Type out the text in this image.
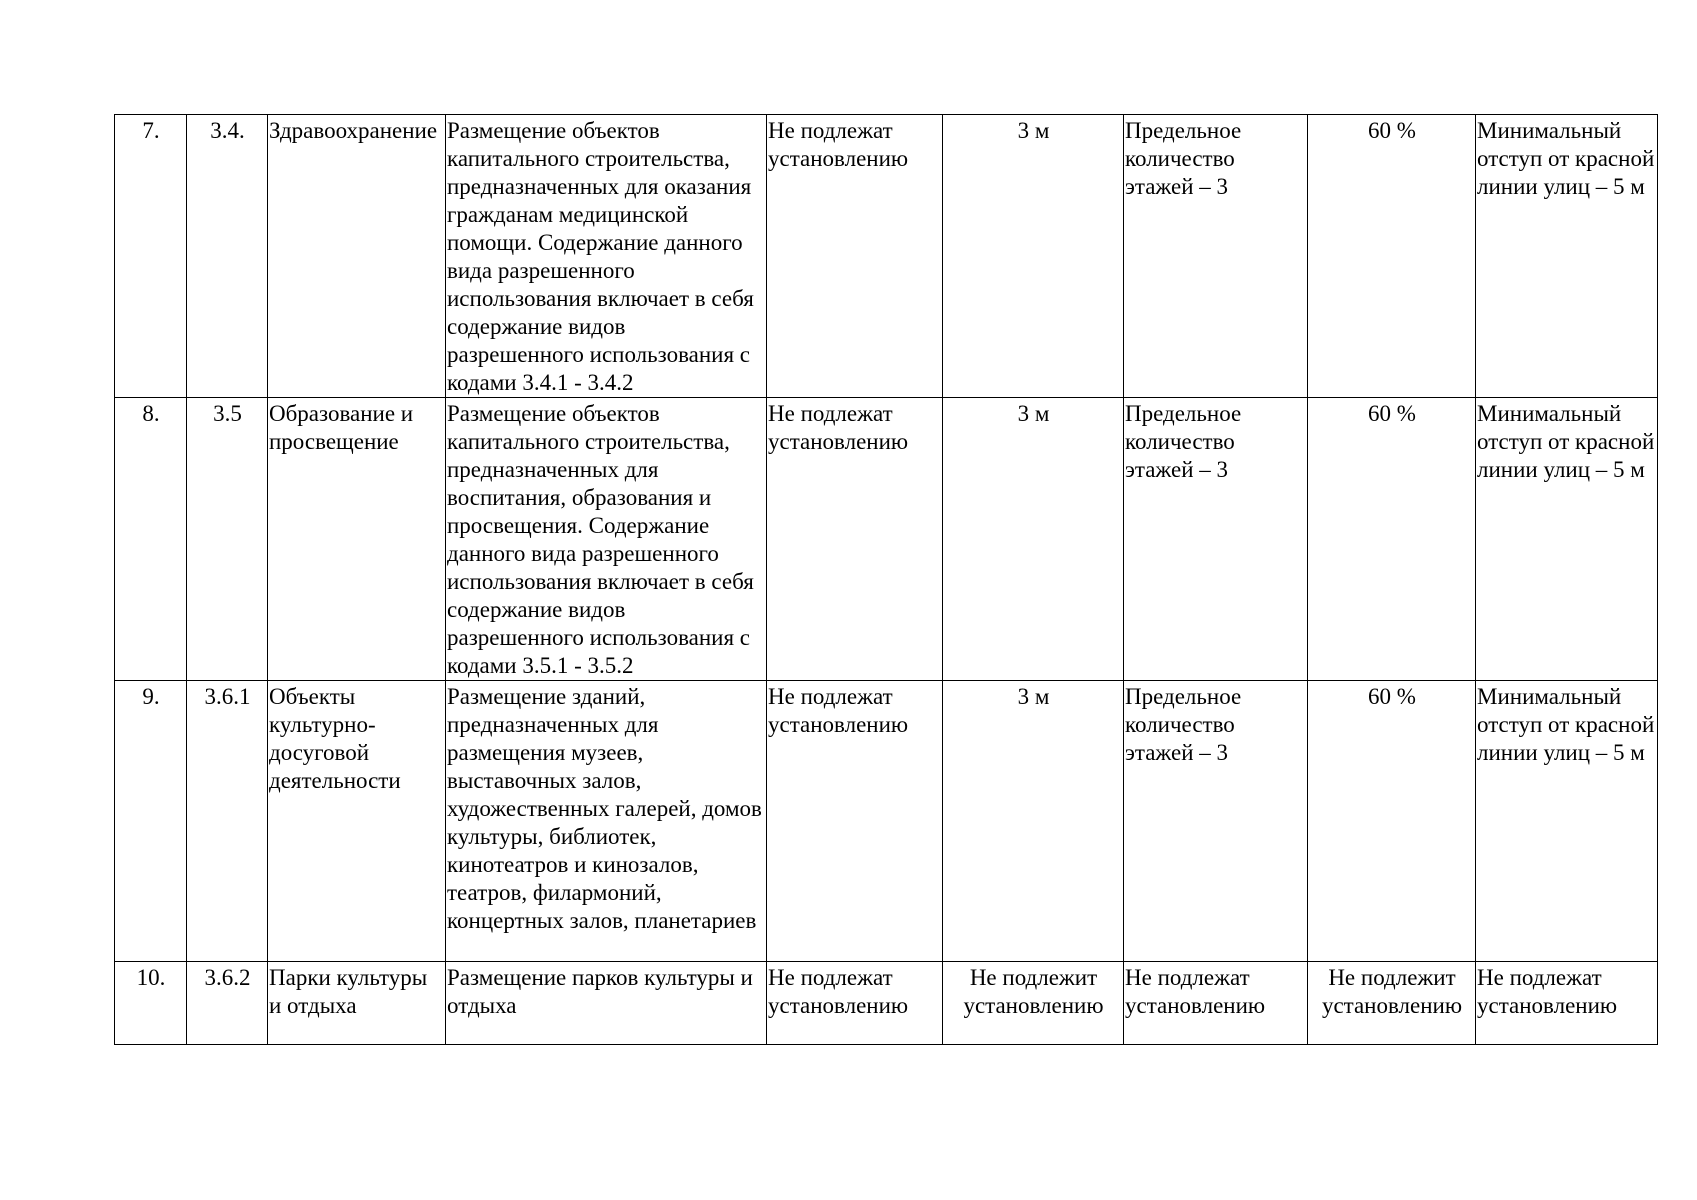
7.	3.4.	Здравоохранение	Размещение объектов капитального строительства, предназначенных для оказания гражданам медицинской помощи. Содержание данного вида разрешенного использования включает в себя содержание видов разрешенного использования с кодами 3.4.1 - 3.4.2	Не подлежат установлению	3 м	Предельное количество этажей – 3	60 %	Минимальный отступ от красной линии улиц – 5 м
8.	3.5	Образование и просвещение	Размещение объектов капитального строительства, предназначенных для воспитания, образования и просвещения. Содержание данного вида разрешенного использования включает в себя содержание видов разрешенного использования с кодами 3.5.1 - 3.5.2	Не подлежат установлению	3 м	Предельное количество этажей – 3	60 %	Минимальный отступ от красной линии улиц – 5 м
9.	3.6.1	Объекты культурно-досуговой деятельности	Размещение зданий, предназначенных для размещения музеев, выставочных залов, художественных галерей, домов культуры, библиотек, кинотеатров и кинозалов, театров, филармоний, концертных залов, планетариев	Не подлежат установлению	3 м	Предельное количество этажей – 3	60 %	Минимальный отступ от красной линии улиц – 5 м
10.	3.6.2	Парки культуры и отдыха	Размещение парков культуры и отдыха	Не подлежат установлению	Не подлежит установлению	Не подлежат установлению	Не подлежит установлению	Не подлежат установлению
